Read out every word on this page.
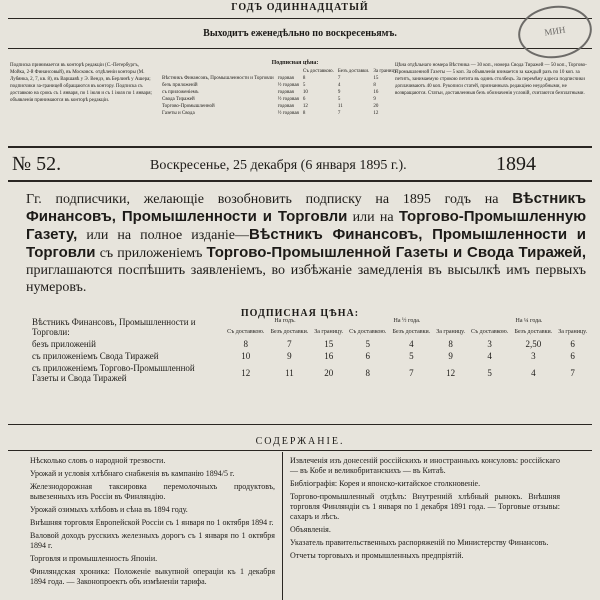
ГОДЪ ОДИННАДЦАТЫЙ
Выходитъ еженедѣльно по воскресеньямъ.	МИН
Подписка принимается въ конторѣ редакціи (С.-Петербургъ, Мойка, 2-й Финансовый), въ Московск. отдѣленіи конторы (М. Лубянка, 2, 7, кв. 8), въ Варшавѣ у Э. Вендэ, въ Берлинѣ у Ашера; подписчики за-границей обращаются въ контору. Подписка съ доставкою на срокъ съ 1 января, по 1 іюля и съ 1 іюля по 1 января; объявленія принимаются въ конторѣ редакціи.
Подписная цѣна:
		Съ доставкою.	Безъ доставки.	За границу.
Вѣстникъ Финансовъ, Промышленности и Торговли	годовая	8	7	15
безъ приложеній	½ годовая	5	4	8
съ приложеніемъ	годовая	10	9	16
Свода Тиражей	½ годовая	6	5	9
Торгово-Промышленной	годовая	12	11	20
Газеты и Свода	½ годовая	8	7	12
Цѣна отдѣльнаго номера Вѣстника — 30 коп., номера Свода Тиражей — 50 коп., Торгово-Промышленной Газеты — 5 коп. За объявленія взимается за каждый разъ по 10 коп. за петитъ, занимаемую строкою петита въ одинъ столбецъ. За перемѣну адреса подписчики доплачиваютъ 40 коп. Рукописи статей, признанныхъ редакціею неудобными, не возвращаются. Статьи, доставленныя безъ обозначенія условій, считаются безплатными.
№ 52.	Воскресенье, 25 декабря (6 января 1895 г.).	1894
Гг. подписчики, желающіе возобновить подписку на 1895 годъ на Вѣстникъ Финансовъ, Промышленности и Торговли или на Торгово-Промышленную Газету, или на полное изданіе—Вѣстникъ Финансовъ, Промышленности и Торговли съ приложеніемъ Торгово-Промышленной Газеты и Свода Тиражей, приглашаются поспѣшить заявленіемъ, во избѣжаніе замедленія въ высылкѣ имъ первыхъ нумеровъ.
ПОДПИСНАЯ ЦѢНА:
Вѣстникъ Финансовъ, Промышленности и Торговли:	На годъ.			На ½ года.			На ¼ года.		
	Съ доставкою.	Безъ доставки.	За границу.	Съ доставкою.	Безъ доставки.	За границу.	Съ доставкою.	Безъ доставки.	За границу.
безъ приложеній	8	7	15	5	4	8	3	2,50	6
съ приложеніемъ Свода Тиражей	10	9	16	6	5	9	4	3	6
съ приложеніемъ Торгово-Промышленной Газеты и Свода Тиражей	12	11	20	8	7	12	5	4	7
СОДЕРЖАНІЕ.

Нѣсколько словъ о народной трезвости.

Урожай и условія хлѣбнаго снабженія въ кампанію 1894/5 г.

Железнодорожная таксировка перемолочныхъ продуктовъ, вывезенныхъ изъ Россіи въ Финляндію.

Урожай озимыхъ хлѣбовъ и сѣна въ 1894 году.

Внѣшняя торговля Европейской Россіи съ 1 января по 1 октября 1894 г.

Валовой доходъ русскихъ железныхъ дорогъ съ 1 января по 1 октября 1894 г.

Торговля и промышленность Японіи.

Финляндская хроника: Положеніе выкупной операціи къ 1 декабря 1894 года. — Законопроектъ объ измѣненіи тарифа.

Извлеченія изъ донесеній россійскихъ и иностранныхъ консуловъ: россійскаго — въ Кобе и великобританскихъ — въ Китаѣ.

Библіографія: Корея и японско-китайское столкновеніе.

Торгово-промышленный отдѣлъ: Внутренній хлѣбный рынокъ. Внѣшняя торговля Финляндіи съ 1 января по 1 декабря 1891 года. — Торговые отзывы: сахаръ и лѣсъ.

Объявленія.

Указатель правительственныхъ распоряженій по Министерству Финансовъ.

Отчеты торговыхъ и промышленныхъ предпріятій.
